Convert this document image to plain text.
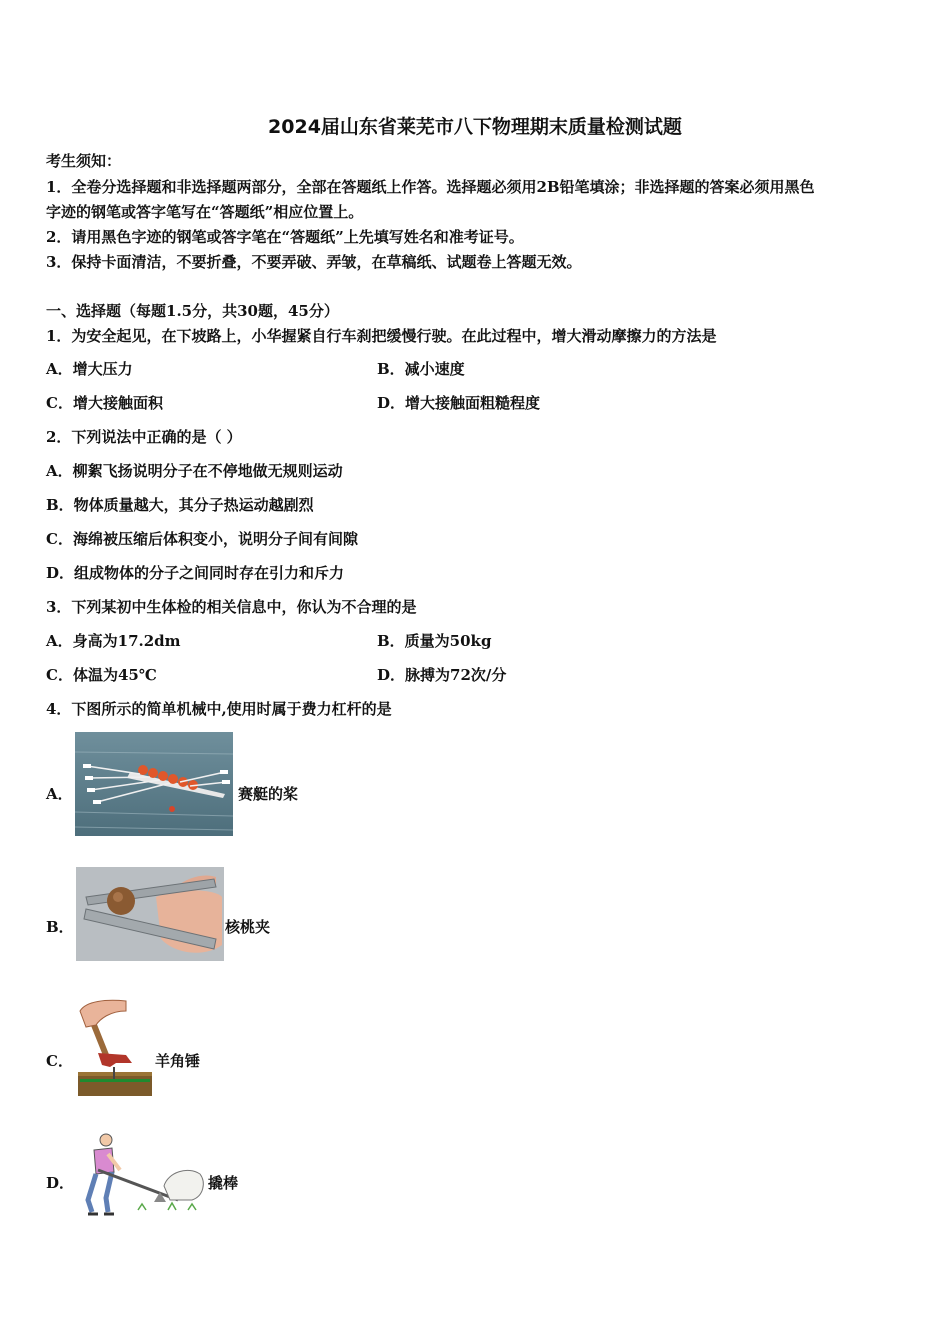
2024届山东省莱芜市八下物理期末质量检测试题
考生须知：
1．全卷分选择题和非选择题两部分，全部在答题纸上作答。选择题必须用2B铅笔填涂；非选择题的答案必须用黑色
字迹的钢笔或答字笔写在“答题纸”相应位置上。
2．请用黑色字迹的钢笔或答字笔在“答题纸”上先填写姓名和准考证号。
3．保持卡面清洁，不要折叠，不要弄破、弄皱，在草稿纸、试题卷上答题无效。
一、选择题（每题1.5分，共30题，45分）
1．为安全起见，在下坡路上，小华握紧自行车刹把缓慢行驶。在此过程中，增大滑动摩擦力的方法是
A．增大压力	B．减小速度
C．增大接触面积	D．增大接触面粗糙程度
2．下列说法中正确的是（ ）
A．柳絮飞扬说明分子在不停地做无规则运动
B．物体质量越大，其分子热运动越剧烈
C．海绵被压缩后体积变小，说明分子间有间隙
D．组成物体的分子之间同时存在引力和斥力
3．下列某初中生体检的相关信息中，你认为不合理的是
A．身高为17.2dm	B．质量为50kg
C．体温为45℃	D．脉搏为72次/分
4．下图所示的简单机械中,使用时属于费力杠杆的是
A．	赛艇的桨
B．	核桃夹
C．	羊角锤
D．	撬棒
